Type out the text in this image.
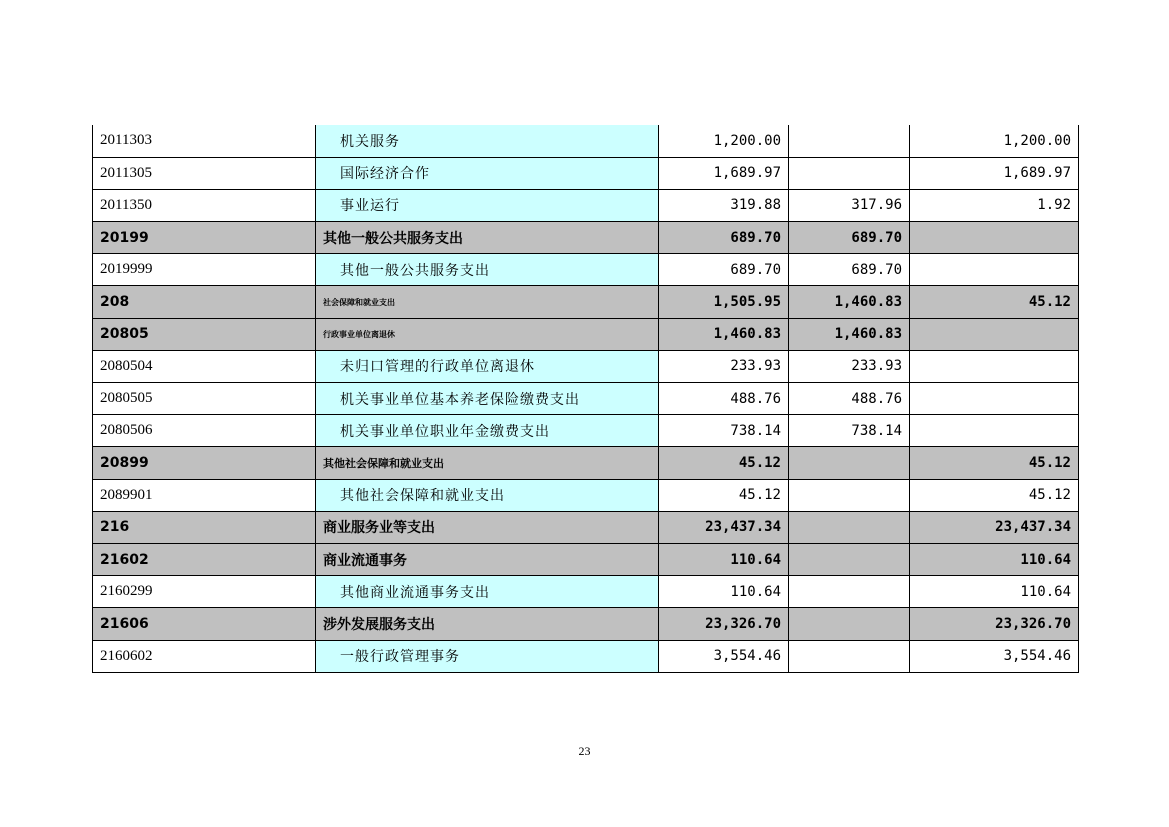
2011303	机关服务	1,200.00		1,200.00
2011305	国际经济合作	1,689.97		1,689.97
2011350	事业运行	319.88	317.96	1.92
20199	其他一般公共服务支出	689.70	689.70	
2019999	其他一般公共服务支出	689.70	689.70	
208	社会保障和就业支出	1,505.95	1,460.83	45.12
20805	行政事业单位离退休	1,460.83	1,460.83	
2080504	未归口管理的行政单位离退休	233.93	233.93	
2080505	机关事业单位基本养老保险缴费支出	488.76	488.76	
2080506	机关事业单位职业年金缴费支出	738.14	738.14	
20899	其他社会保障和就业支出	45.12		45.12
2089901	其他社会保障和就业支出	45.12		45.12
216	商业服务业等支出	23,437.34		23,437.34
21602	商业流通事务	110.64		110.64
2160299	其他商业流通事务支出	110.64		110.64
21606	涉外发展服务支出	23,326.70		23,326.70
2160602	一般行政管理事务	3,554.46		3,554.46
23
